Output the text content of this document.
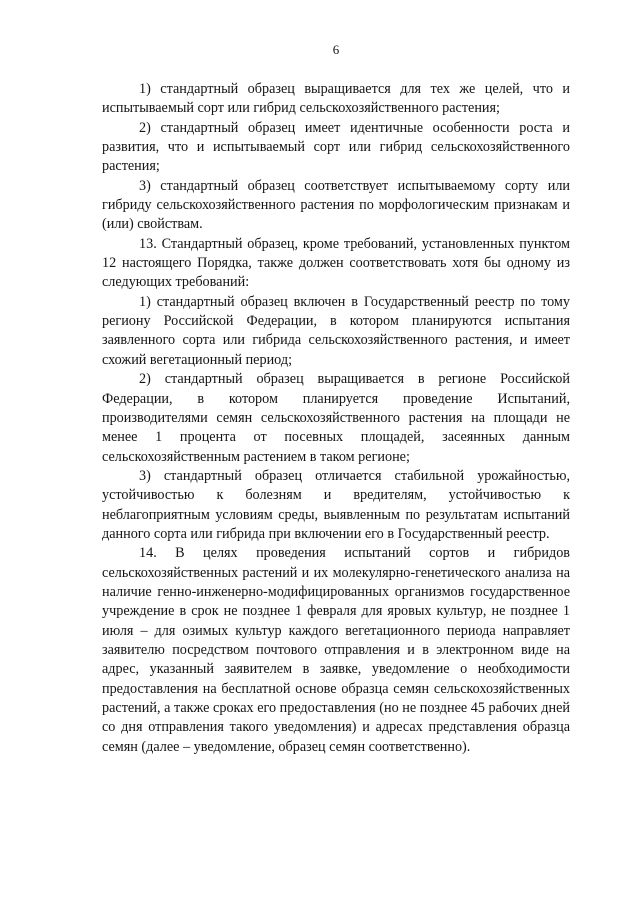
6

1) стандартный образец выращивается для тех же целей, что и испытываемый сорт или гибрид сельскохозяйственного растения;

2) стандартный образец имеет идентичные особенности роста и развития, что и испытываемый сорт или гибрид сельскохозяйственного растения;

3) стандартный образец соответствует испытываемому сорту или гибриду сельскохозяйственного растения по морфологическим признакам и (или) свойствам.

13. Стандартный образец, кроме требований, установленных пунктом 12 настоящего Порядка, также должен соответствовать хотя бы одному из следующих требований:

1) стандартный образец включен в Государственный реестр по тому региону Российской Федерации, в котором планируются испытания заявленного сорта или гибрида сельскохозяйственного растения, и имеет схожий вегетационный период;

2) стандартный образец выращивается в регионе Российской Федерации, в котором планируется проведение Испытаний, производителями семян сельскохозяйственного растения на площади не менее 1 процента от посевных площадей, засеянных данным сельскохозяйственным растением в таком регионе;

3) стандартный образец отличается стабильной урожайностью, устойчивостью к болезням и вредителям, устойчивостью к неблагоприятным условиям среды, выявленным по результатам испытаний данного сорта или гибрида при включении его в Государственный реестр.

14. В целях проведения испытаний сортов и гибридов сельскохозяйственных растений и их молекулярно-генетического анализа на наличие генно-инженерно-модифицированных организмов государственное учреждение в срок не позднее 1 февраля для яровых культур, не позднее 1 июля – для озимых культур каждого вегетационного периода направляет заявителю посредством почтового отправления и в электронном виде на адрес, указанный заявителем в заявке, уведомление о необходимости предоставления на бесплатной основе образца семян сельскохозяйственных растений, а также сроках его предоставления (но не позднее 45 рабочих дней со дня отправления такого уведомления) и адресах представления образца семян (далее – уведомление, образец семян соответственно).
